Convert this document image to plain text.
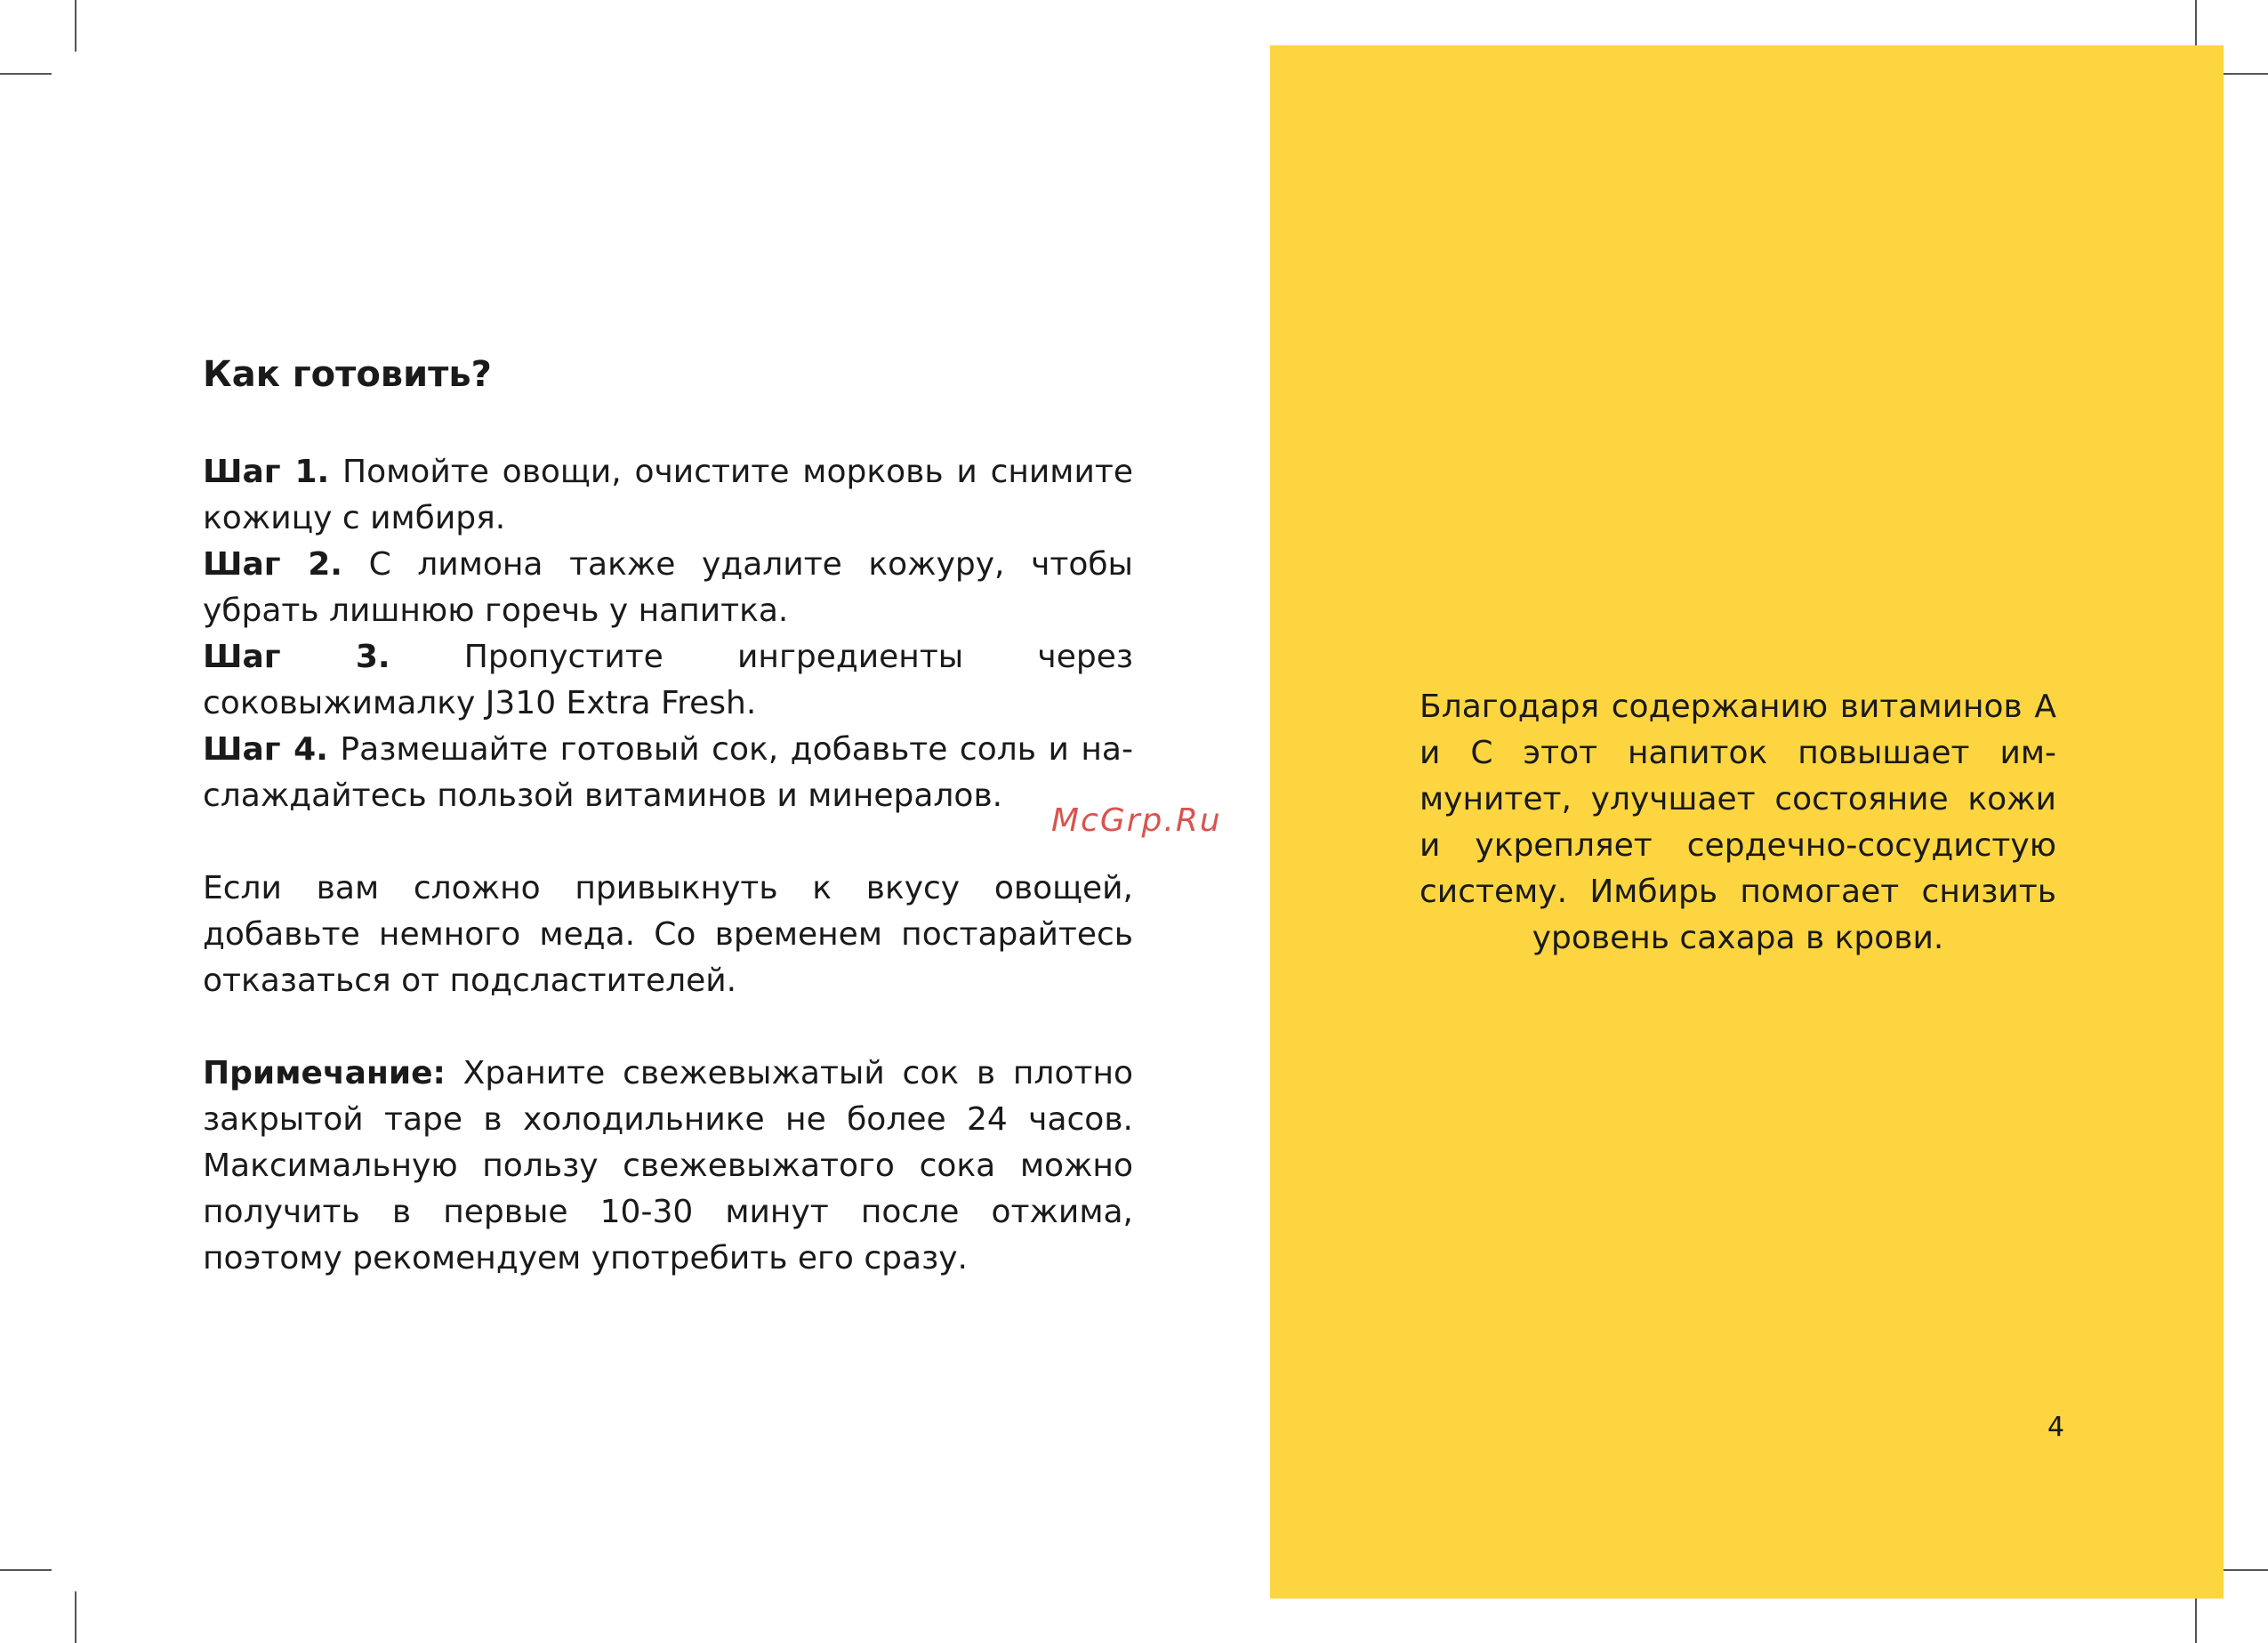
Как готовить?

Шаг 1. Помойте овощи, очистите морковь и снимите кожицу с имбиря.

Шаг 2. С лимона также удалите кожуру, чтобы убрать лишнюю горечь у напитка.

Шаг 3. Пропустите ингредиенты через соковыжималку J310 Extra Fresh.

Шаг 4. Размешайте готовый сок, добавьте соль и наслаждайтесь пользой витаминов и минералов.

Если вам сложно привыкнуть к вкусу овощей, добавьте немного меда. Со временем постарайтесь отказаться от подсластителей.

Примечание: Храните свежевыжатый сок в плотно закрытой таре в холодильнике не более 24 часов. Максимальную пользу свежевыжатого сока можно получить в первые 10-30 минут после отжима, поэтому рекомендуем употребить его сразу.

McGrp.Ru
Благодаря содержанию витаминов А и С этот напиток повышает иммунитет, улучшает состояние кожи и укрепляет сердечно-сосудистую систему. Имбирь помогает снизить уровень сахара в крови.
4
